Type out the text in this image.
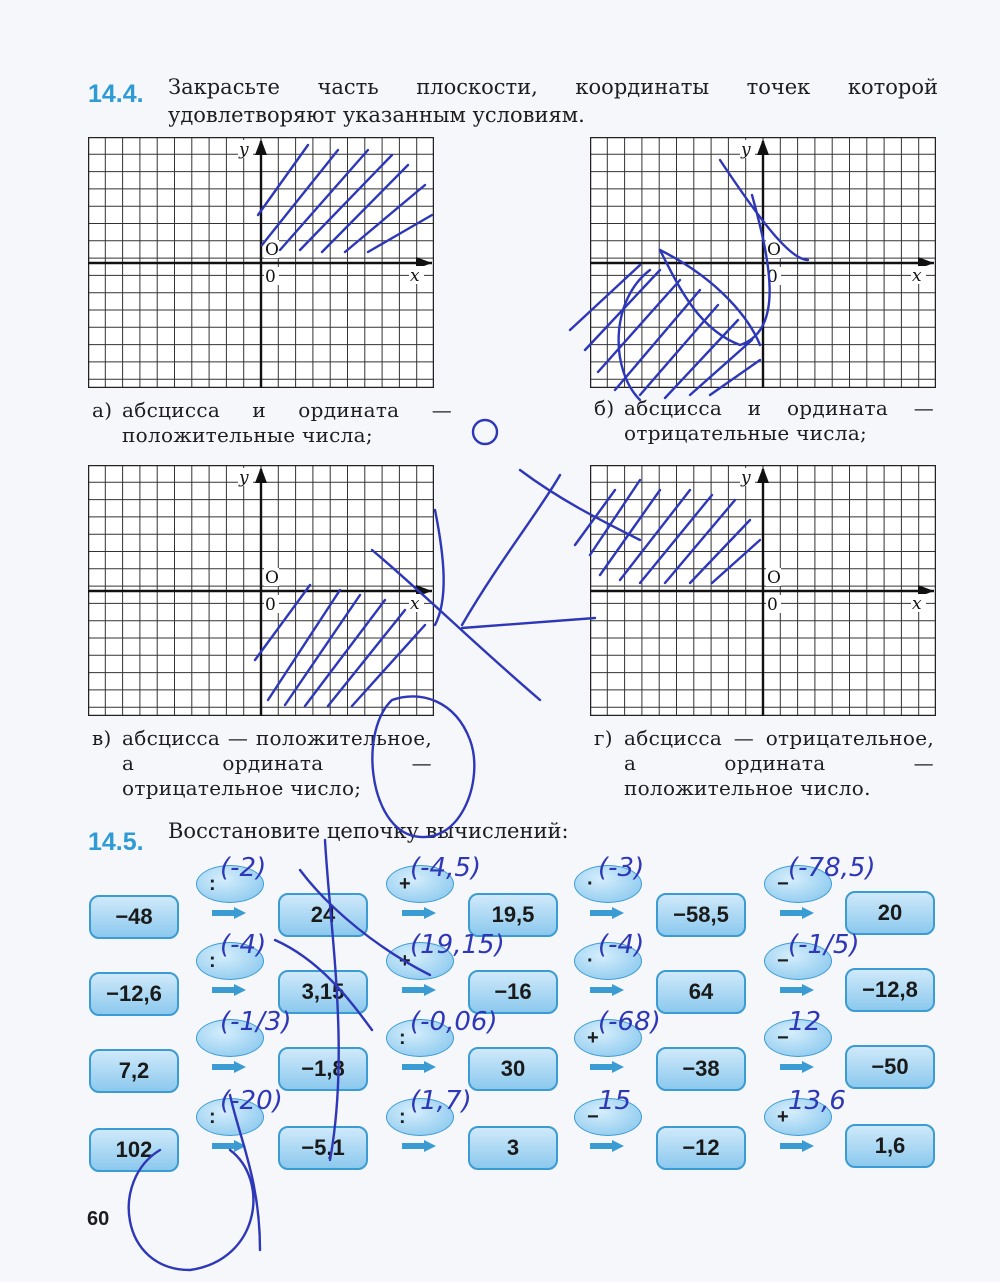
14.4. Закрасьте часть плоскости, координаты точек которой удовлетворяют указанным условиям.
x
y
O
0	x
y
O
0
x
y
O
0	x
y
O
0
а) абсцисса и ордината — положительные числа;
б) абсцисса и ордината — отрицательные числа;
в) абсцисса — положительное, а ордината — отрицательное число;
г) абсцисса — отрицательное, а ордината — положительное число.
14.5. Восстановите цепочку вычислений:
−48	24	19,5	−58,5	20
:
(-2)
+
(-4,5)
·
(-3)
−
(-78,5)
−12,6	3,15	−16	64	−12,8
:
(-4)
+
(19,15)
·
(-4)
−
(-1/5)
7,2	−1,8	30	−38	−50
(-1/3)
:
(-0,06)
+
(-68)
−
12
102	−5,1	3	−12	1,6
:
(-20)
:
(1,7)
−
15
+
13,6
60
